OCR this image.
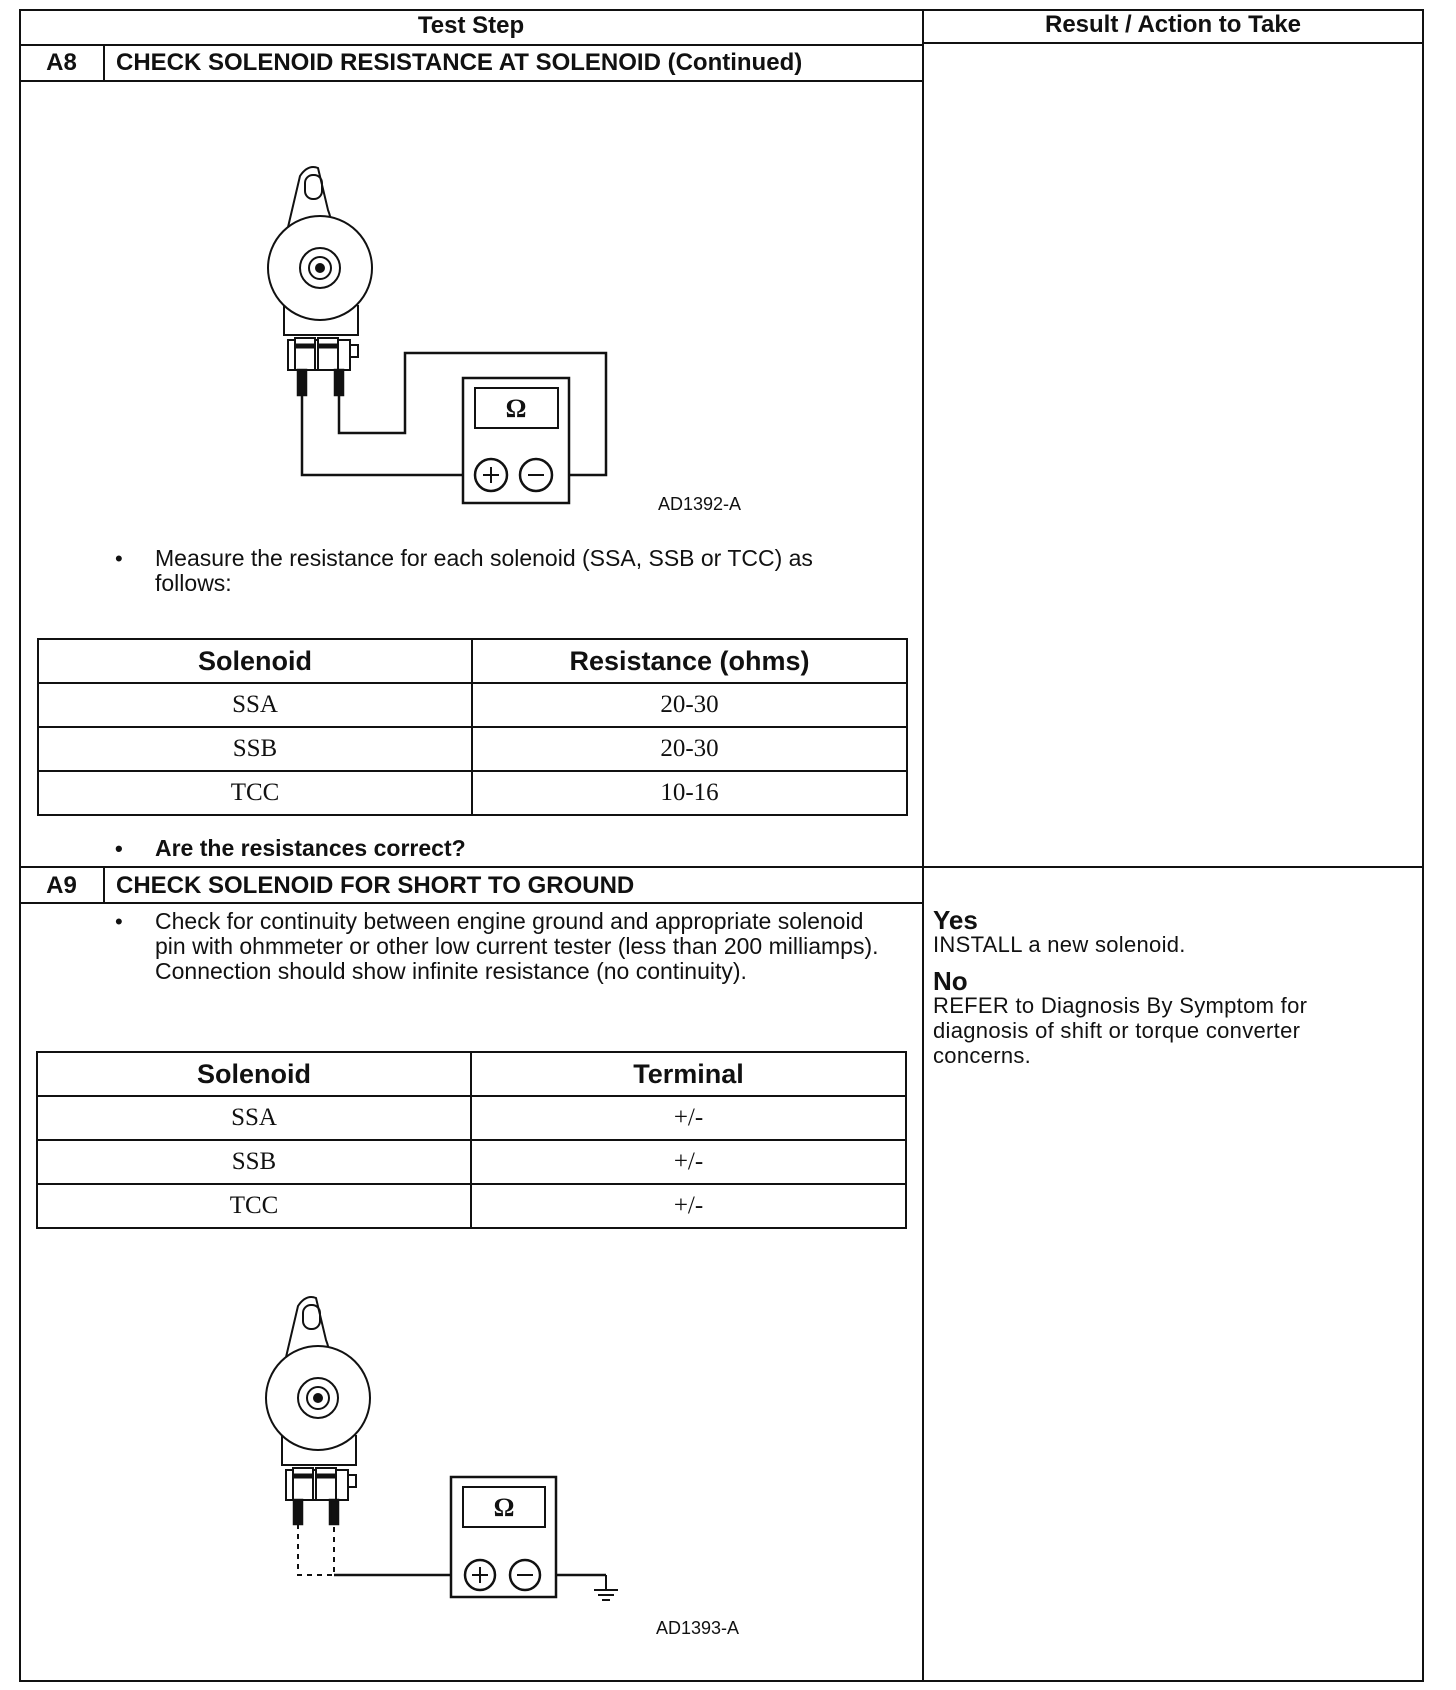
Test Step	Result / Action to Take
A8	CHECK SOLENOID RESISTANCE AT SOLENOID (Continued)
Ω
AD1392-A
• Measure the resistance for each solenoid (SSA, SSB or TCC) as follows:
Solenoid	Resistance (ohms)
SSA	20-30
SSB	20-30
TCC	10-16
• Are the resistances correct?
A9	CHECK SOLENOID FOR SHORT TO GROUND
• Check for continuity between engine ground and appropriate solenoid pin with ohmmeter or other low current tester (less than 200 milliamps). Connection should show infinite resistance (no continuity).
Solenoid	Terminal
SSA	+/-
SSB	+/-
TCC	+/-
Ω
AD1393-A
Yes
INSTALL a new solenoid.
No
REFER to Diagnosis By Symptom for diagnosis of shift or torque converter concerns.
